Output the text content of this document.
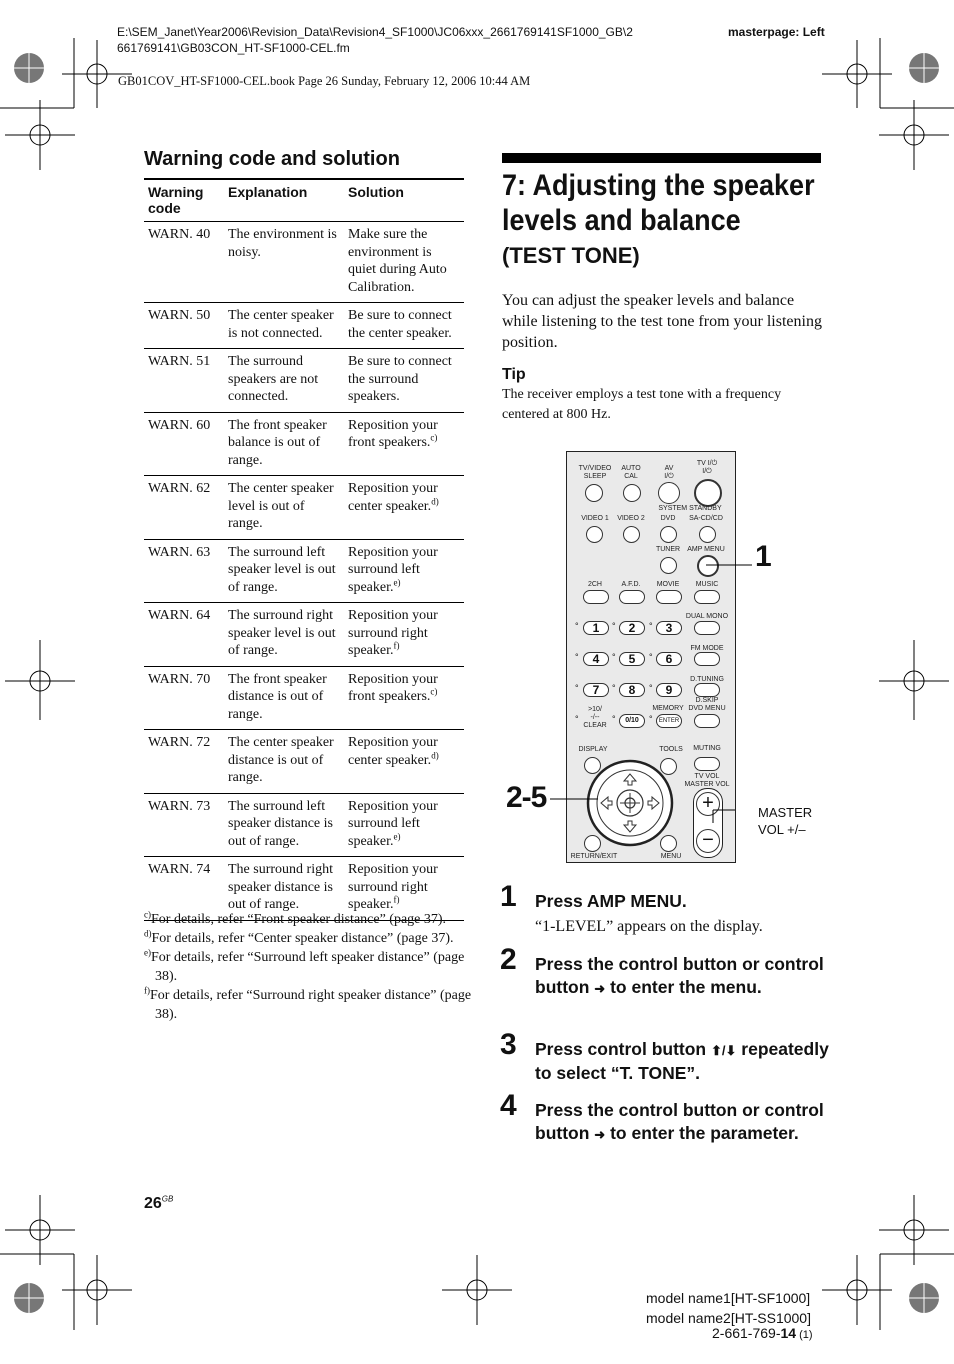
E:\SEM_Janet\Year2006\Revision_Data\Revision4_SF1000\JC06xxx_2661769141SF1000_GB\2
661769141\GB03CON_HT-SF1000-CEL.fm
masterpage: Left
GB01COV_HT-SF1000-CEL.book Page 26 Sunday, February 12, 2006 10:44 AM
Warning code and solution
Warning code	Explanation	Solution
WARN. 40	The environment is noisy.	Make sure the environment is quiet during Auto Calibration.
WARN. 50	The center speaker is not connected.	Be sure to connect the center speaker.
WARN. 51	The surround speakers are not connected.	Be sure to connect the surround speakers.
WARN. 60	The front speaker balance is out of range.	Reposition your front speakers.$^{c)}$
WARN. 62	The center speaker level is out of range.	Reposition your center speaker.$^{d)}$
WARN. 63	The surround left speaker level is out of range.	Reposition your surround left speaker.$^{e)}$
WARN. 64	The surround right speaker level is out of range.	Reposition your surround right speaker.$^{f)}$
WARN. 70	The front speaker distance is out of range.	Reposition your front speakers.$^{c)}$
WARN. 72	The center speaker distance is out of range.	Reposition your center speaker.$^{d)}$
WARN. 73	The surround left speaker distance is out of range.	Reposition your surround left speaker.$^{e)}$
WARN. 74	The surround right speaker distance is out of range.	Reposition your surround right speaker.$^{f)}$
$^{c)}$For details, refer “Front speaker distance” (page 37).
$^{d)}$For details, refer “Center speaker distance” (page 37).
$^{e)}$For details, refer “Surround left speaker distance” (page 38).
$^{f)}$For details, refer “Surround right speaker distance” (page 38).
7: Adjusting the speaker levels and balance
(TEST TONE)
You can adjust the speaker levels and balance while listening to the test tone from your listening position.
Tip
The receiver employs a test tone with a frequency centered at 800 Hz.
TV/VIDEO
SLEEP
AUTO
CAL
AV
I/⏻
TV I/⏻
I/⏻
SYSTEM STANDBY
VIDEO 1	VIDEO 2	DVD	SA-CD/CD
TUNER	AMP MENU
2CH	A.F.D.	MOVIE	MUSIC
DUAL MONO
°	1	°	2	°	3
FM MODE
°	4	°	5	°	6
D.TUNING
°	7	°	8	°	9
D.SKIP
DVD MENU
>10/
-/--
CLEAR
MEMORY
°	°	0/10	°	ENTER
DISPLAY	TOOLS	MUTING
TV VOL
MASTER VOL
RETURN/EXIT	MENU
+
−
1
2-5	MASTER
VOL +/–
1 Press AMP MENU.
“1-LEVEL” appears on the display.
2 Press the control button or control button ➜ to enter the menu.
3 Press control button ⬆/⬇ repeatedly to select “T. TONE”.
4 Press the control button or control button ➜ to enter the parameter.
$26^{GB}$
model name1[HT-SF1000]
model name2[HT-SS1000]
2-661-769-14 (1)
